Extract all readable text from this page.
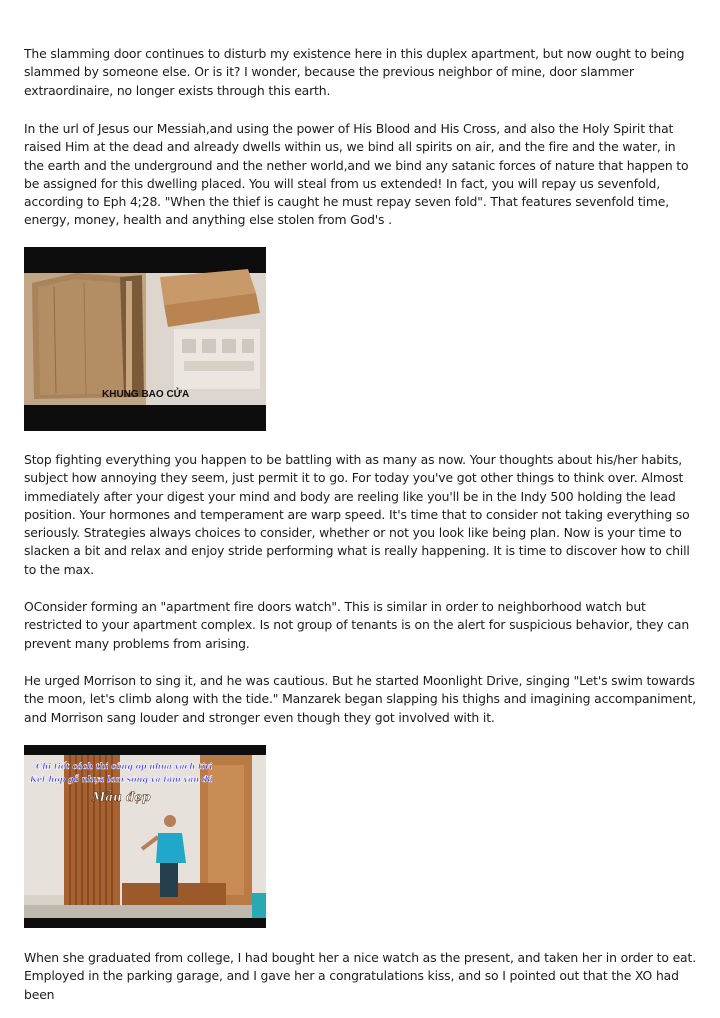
The slamming door continues to disturb my existence here in this duplex apartment, but now ought to being slammed by someone else. Or is it? I wonder, because the previous neighbor of mine, door slammer extraordinaire, no longer exists through this earth.

In the url of Jesus our Messiah,and using the power of His Blood and His Cross, and also the Holy Spirit that raised Him at the dead and already dwells within us, we bind all spirits on air, and the fire and the water, in the earth and the underground and the nether world,and we bind any satanic forces of nature that happen to be assigned for this dwelling placed. You will steal from us extended! In fact, you will repay us sevenfold, according to Eph 4;28. "When the thief is caught he must repay seven fold". That features sevenfold time, energy, money, health and anything else stolen from God's .

KHUNG BAO CỬA

Stop fighting everything you happen to be battling with as many as now. Your thoughts about his/her habits, subject how annoying they seem, just permit it to go. For today you've got other things to think over. Almost immediately after your digest your mind and body are reeling like you'll be in the Indy 500 holding the lead position. Your hormones and temperament are warp speed. It's time that to consider not taking everything so seriously. Strategies always choices to consider, whether or not you look like being plan. Now is your time to slacken a bit and relax and enjoy stride performing what is really happening. It is time to discover how to chill to the max.

OConsider forming an "apartment fire doors watch". This is similar in order to neighborhood watch but restricted to your apartment complex. Is not group of tenants is on the alert for suspicious behavior, they can prevent many problems from arising.

He urged Morrison to sing it, and he was cautious. But he started Moonlight Drive, singing "Let's swim towards the moon, let's climb along with the tide." Manzarek began slapping his thighs and imagining accompaniment, and Morrison sang louder and stronger even though they got involved with it.

Chi tiết cách thi công ốp nhựa vách tivi
Kết hợp gỗ nhựa lam sóng và tấm vân đá
Mẫu đẹp

When she graduated from college, I had bought her a nice watch as the present, and taken her in order to eat. Employed in the parking garage, and I gave her a congratulations kiss, and so I pointed out that the XO had been
